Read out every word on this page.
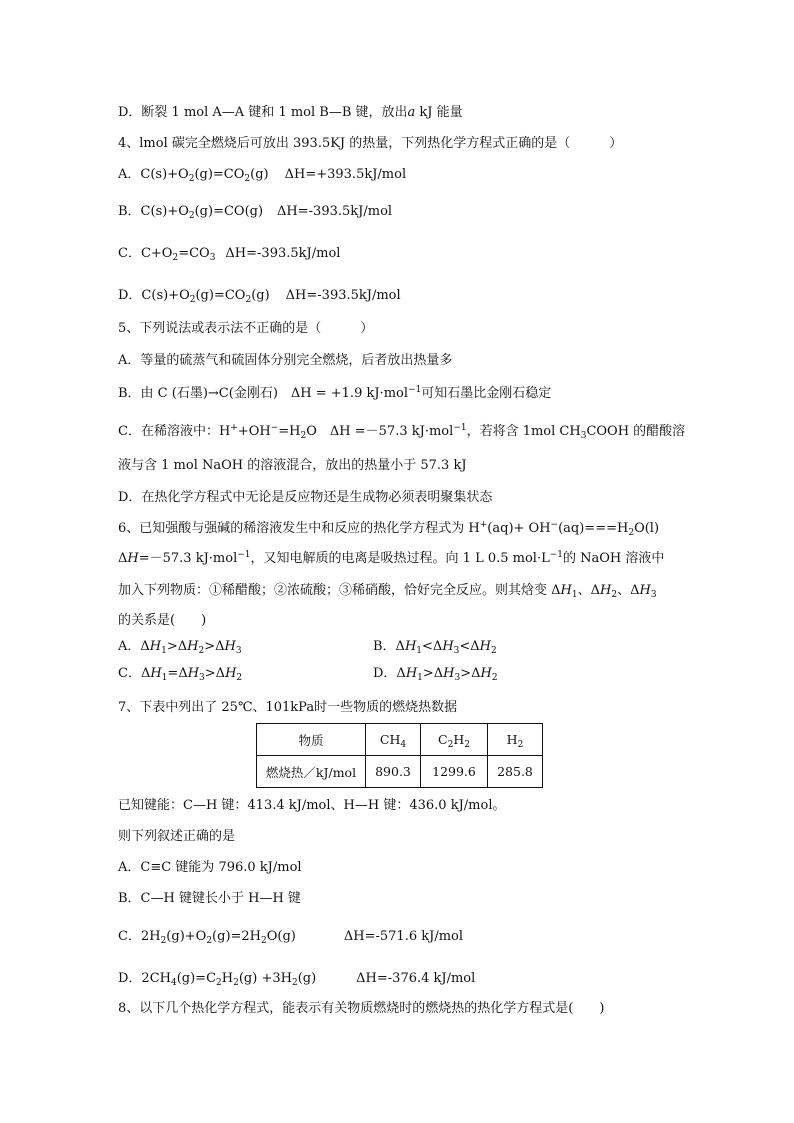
D．断裂 1 mol A—A 键和 1 mol B—B 键，放出a kJ 能量
4、lmol 碳完全燃烧后可放出 393.5KJ 的热量，下列热化学方程式正确的是（　　　）
A．$C(s)+O_2(g)=CO_2(g)$ ΔH=+393.5kJ/mol
B．$C(s)+O_2(g)=CO(g)$ ΔH=-393.5kJ/mol
C．$C+O_2=CO_3$ ΔH=-393.5kJ/mol
D．$C(s)+O_2(g)=CO_2(g)$ ΔH=-393.5kJ/mol
5、下列说法或表示法不正确的是（　　　）
A．等量的硫蒸气和硫固体分别完全燃烧，后者放出热量多
B．由 C (石墨)→C(金刚石)　ΔH = +1.9 kJ·mol$^{-1}$可知石墨比金刚石稳定
C．在稀溶液中：$H^++OH^-=H_2O$　ΔH =－57.3 kJ·mol$^{-1}$，若将含 1mol $CH_3COOH$ 的醋酸溶
液与含 1 mol NaOH 的溶液混合，放出的热量小于 57.3 kJ
D．在热化学方程式中无论是反应物还是生成物必须表明聚集状态
6、已知强酸与强碱的稀溶液发生中和反应的热化学方程式为 $H^+(aq)+ OH^-(aq)===H_2O(l)$
ΔH=－57.3 kJ·mol$^{-1}$，又知电解质的电离是吸热过程。向 1 L 0.5 $mol\cdot L^{-1}$的 NaOH 溶液中
加入下列物质：①稀醋酸；②浓硫酸；③稀硝酸，恰好完全反应。则其焓变 $\Delta H_1$、$\Delta H_2$、$\Delta H_3$
的关系是(　　)
A．$\Delta H_1>\Delta H_2>\Delta H_3$	B．$\Delta H_1<\Delta H_3<\Delta H_2$
C．$\Delta H_1=\Delta H_3>\Delta H_2$	D．$\Delta H_1>\Delta H_3>\Delta H_2$
7、下表中列出了 25℃、101kPa时一些物质的燃烧热数据
物质	$CH_4$	$C_2H_2$	$H_2$
燃烧热／kJ/mol	890.3	1299.6	285.8
已知键能：C—H 键：413.4 kJ/mol、H—H 键：436.0 kJ/mol。
则下列叙述正确的是
A．C≡C 键能为 796.0 kJ/mol
B．C—H 键键长小于 H—H 键
C．$2H_2(g)+O_2(g)=2H_2O(g)$	ΔH=-571.6 kJ/mol
D．$2CH_4(g)=C_2H_2(g) +3H_2(g)$	ΔH=-376.4 kJ/mol
8、以下几个热化学方程式，能表示有关物质燃烧时的燃烧热的热化学方程式是(　　)
